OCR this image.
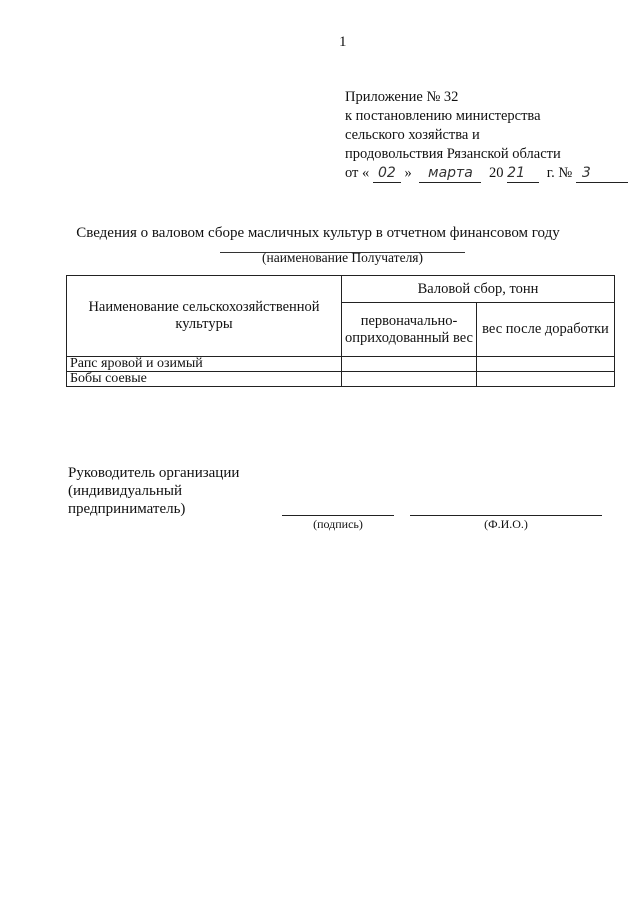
1
Приложение № 32
к постановлению министерства
сельского хозяйства и
продовольствия Рязанской области
от « 02 » марта 20 21 г. № 3
Сведения о валовом сборе масличных культур в отчетном финансовом году
(наименование Получателя)
Наименование сельскохозяйственной культуры	Валовой сбор, тонн	
	первоначально-оприходованный вес	вес после доработки
Рапс яровой и озимый		
Бобы соевые		
Руководитель организации
(индивидуальный
предприниматель)
(подпись)	(Ф.И.О.)
